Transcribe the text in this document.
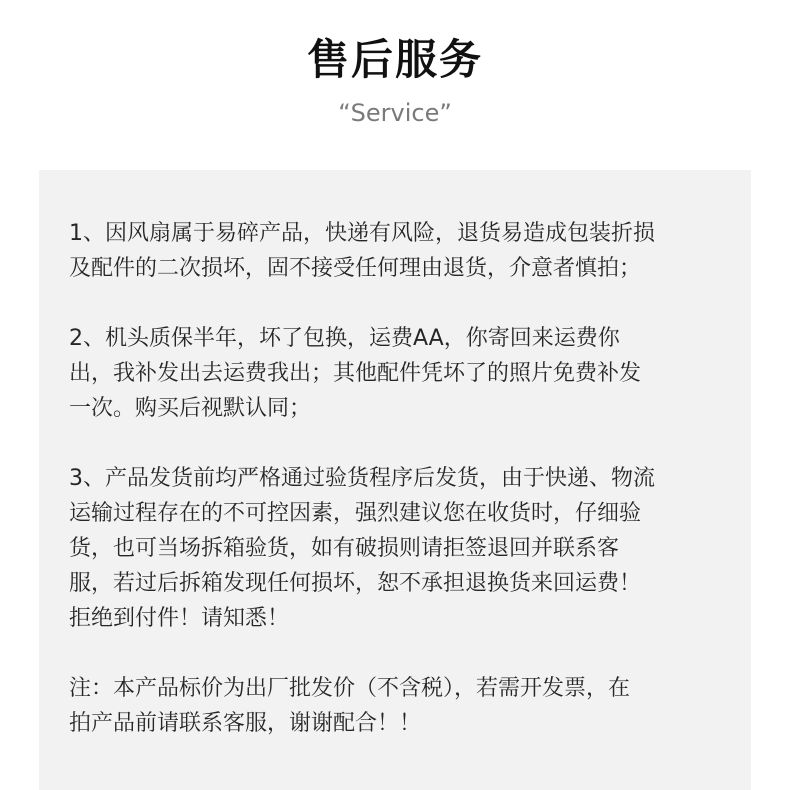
售后服务
“Service”

1、因风扇属于易碎产品，快递有风险，退货易造成包装折损
及配件的二次损坏，固不接受任何理由退货，介意者慎拍；

2、机头质保半年，坏了包换，运费AA，你寄回来运费你
出，我补发出去运费我出；其他配件凭坏了的照片免费补发
一次。购买后视默认同；

3、产品发货前均严格通过验货程序后发货，由于快递、物流
运输过程存在的不可控因素，强烈建议您在收货时，仔细验
货，也可当场拆箱验货，如有破损则请拒签退回并联系客
服，若过后拆箱发现任何损坏，恕不承担退换货来回运费！
拒绝到付件！请知悉！

注：本产品标价为出厂批发价（不含税），若需开发票，在
拍产品前请联系客服，谢谢配合！！
